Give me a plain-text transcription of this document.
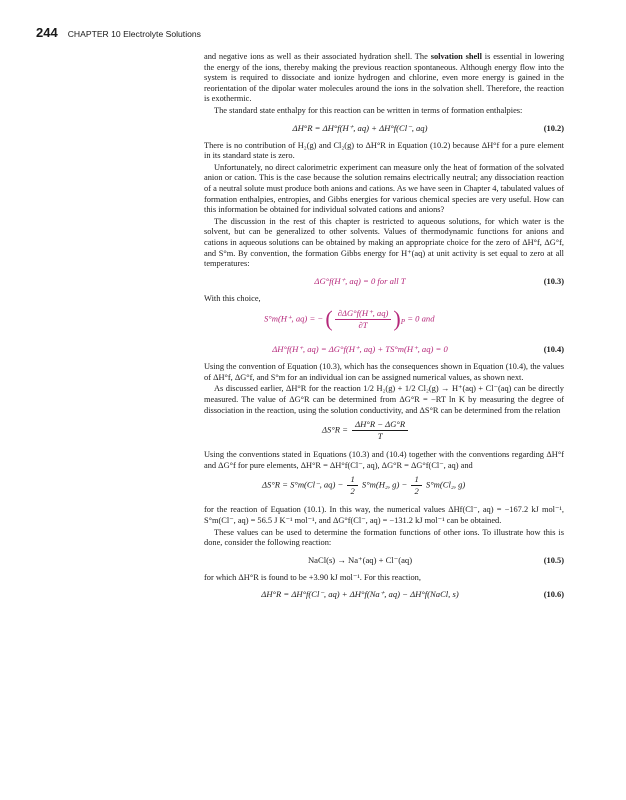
244 CHAPTER 10 Electrolyte Solutions

and negative ions as well as their associated hydration shell. The solvation shell is essential in lowering the energy of the ions, thereby making the previous reaction spontaneous. Although energy flow into the system is required to dissociate and ionize hydrogen and chlorine, even more energy is gained in the reorientation of the dipolar water molecules around the ions in the solvation shell. Therefore, the reaction is exothermic.

The standard state enthalpy for this reaction can be written in terms of formation enthalpies:

ΔH°R = ΔH°f(H⁺, aq) + ΔH°f(Cl⁻, aq)	(10.2)

There is no contribution of H₂(g) and Cl₂(g) to ΔH°R in Equation (10.2) because ΔH°f for a pure element in its standard state is zero.

Unfortunately, no direct calorimetric experiment can measure only the heat of formation of the solvated anion or cation. This is the case because the solution remains electrically neutral; any dissociation reaction of a neutral solute must produce both anions and cations. As we have seen in Chapter 4, tabulated values of formation enthalpies, entropies, and Gibbs energies for various chemical species are very useful. How can this information be obtained for individual solvated cations and anions?

The discussion in the rest of this chapter is restricted to aqueous solutions, for which water is the solvent, but can be generalized to other solvents. Values of thermodynamic functions for anions and cations in aqueous solutions can be obtained by making an appropriate choice for the zero of ΔH°f, ΔG°f, and S°m. By convention, the formation Gibbs energy for H⁺(aq) at unit activity is set equal to zero at all temperatures:

ΔG°f(H⁺, aq) = 0 for all T	(10.3)

With this choice,

S°m(H⁺, aq) = − ( $\frac{\partial\Delta G^\circ f(H^+, aq)}{\partial T} )_P = 0$ and
ΔH°f(H⁺, aq) = ΔG°f(H⁺, aq) + TS°m(H⁺, aq) = 0	(10.4)

Using the convention of Equation (10.3), which has the consequences shown in Equation (10.4), the values of ΔH°f, ΔG°f, and S°m for an individual ion can be assigned numerical values, as shown next.

As discussed earlier, ΔH°R for the reaction 1/2 H₂(g) + 1/2 Cl₂(g) → H⁺(aq) + Cl⁻(aq) can be directly measured. The value of ΔG°R can be determined from ΔG°R = −RT ln K by measuring the degree of dissociation in the reaction, using the solution conductivity, and ΔS°R can be determined from the relation

$\Delta S^\circ R = \frac{\Delta H^\circ R - \Delta G^\circ R}{T}$

Using the conventions stated in Equations (10.3) and (10.4) together with the conventions regarding ΔH°f and ΔG°f for pure elements, ΔH°R = ΔH°f(Cl⁻, aq), ΔG°R = ΔG°f(Cl⁻, aq) and

ΔS°R = S°m(Cl⁻, $aq) - \frac{1}{2} S^\circ m(H_2$, $g) - \frac{1}{2} S^\circ m(Cl_2$, g)

for the reaction of Equation (10.1). In this way, the numerical values ΔHf(Cl⁻, aq) = −167.2 kJ mol⁻¹, S°m(Cl⁻, aq) = 56.5 J K⁻¹ mol⁻¹, and ΔG°f(Cl⁻, aq) = −131.2 kJ mol⁻¹ can be obtained.

These values can be used to determine the formation functions of other ions. To illustrate how this is done, consider the following reaction:

NaCl(s) → Na⁺(aq) + Cl⁻(aq)	(10.5)

for which ΔH°R is found to be +3.90 kJ mol⁻¹. For this reaction,

ΔH°R = ΔH°f(Cl⁻, aq) + ΔH°f(Na⁺, aq) − ΔH°f(NaCl, s)	(10.6)
